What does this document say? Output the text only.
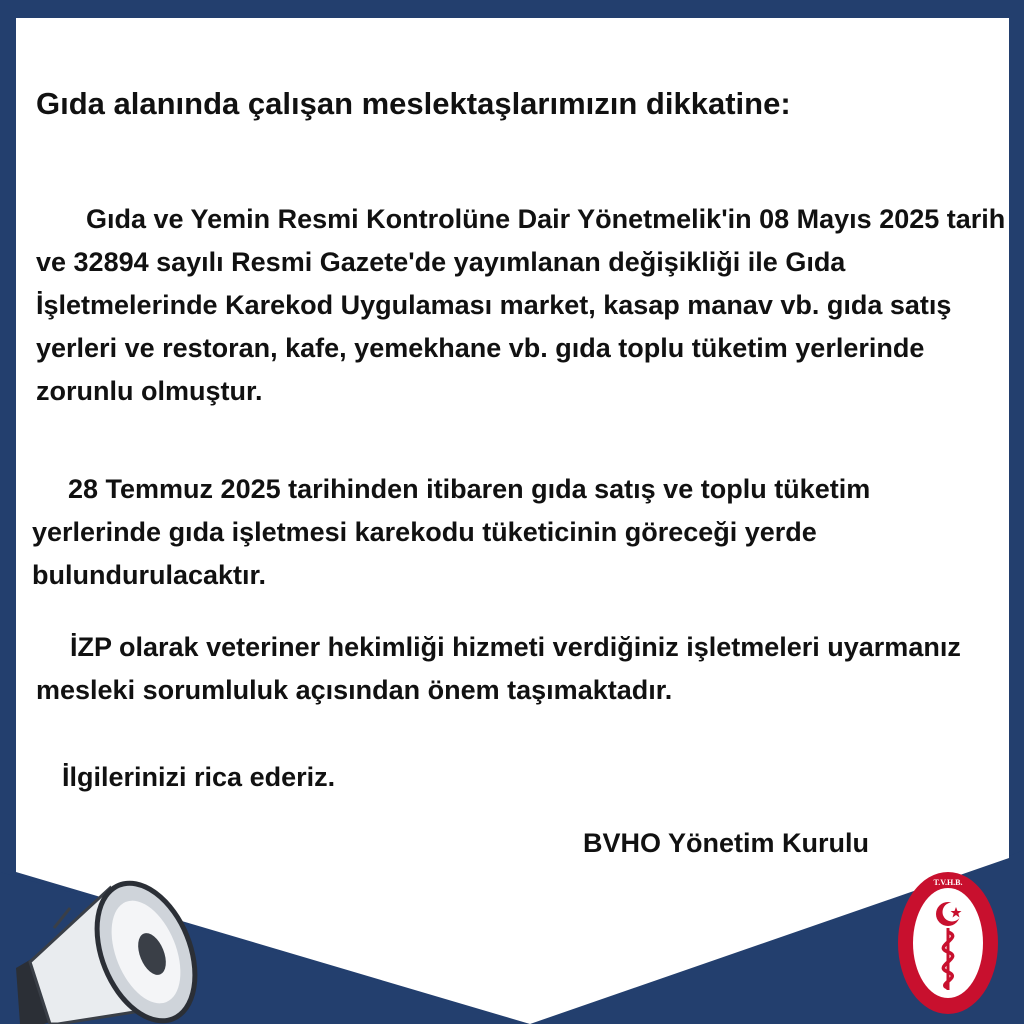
Gıda alanında çalışan meslektaşlarımızın dikkatine:

Gıda ve Yemin Resmi Kontrolüne Dair Yönetmelik'in 08 Mayıs 2025 tarih ve 32894 sayılı Resmi Gazete'de yayımlanan değişikliği ile Gıda İşletmelerinde Karekod Uygulaması market, kasap manav vb. gıda satış yerleri ve restoran, kafe, yemekhane vb. gıda toplu tüketim yerlerinde zorunlu olmuştur.

28 Temmuz 2025 tarihinden itibaren gıda satış ve toplu tüketim yerlerinde gıda işletmesi karekodu tüketicinin göreceği yerde bulundurulacaktır.

İZP olarak veteriner hekimliği hizmeti verdiğiniz işletmeleri uyarmanız mesleki sorumluluk açısından önem taşımaktadır.

İlgilerinizi rica ederiz.

BVHO Yönetim Kurulu

T.V.H.B.
